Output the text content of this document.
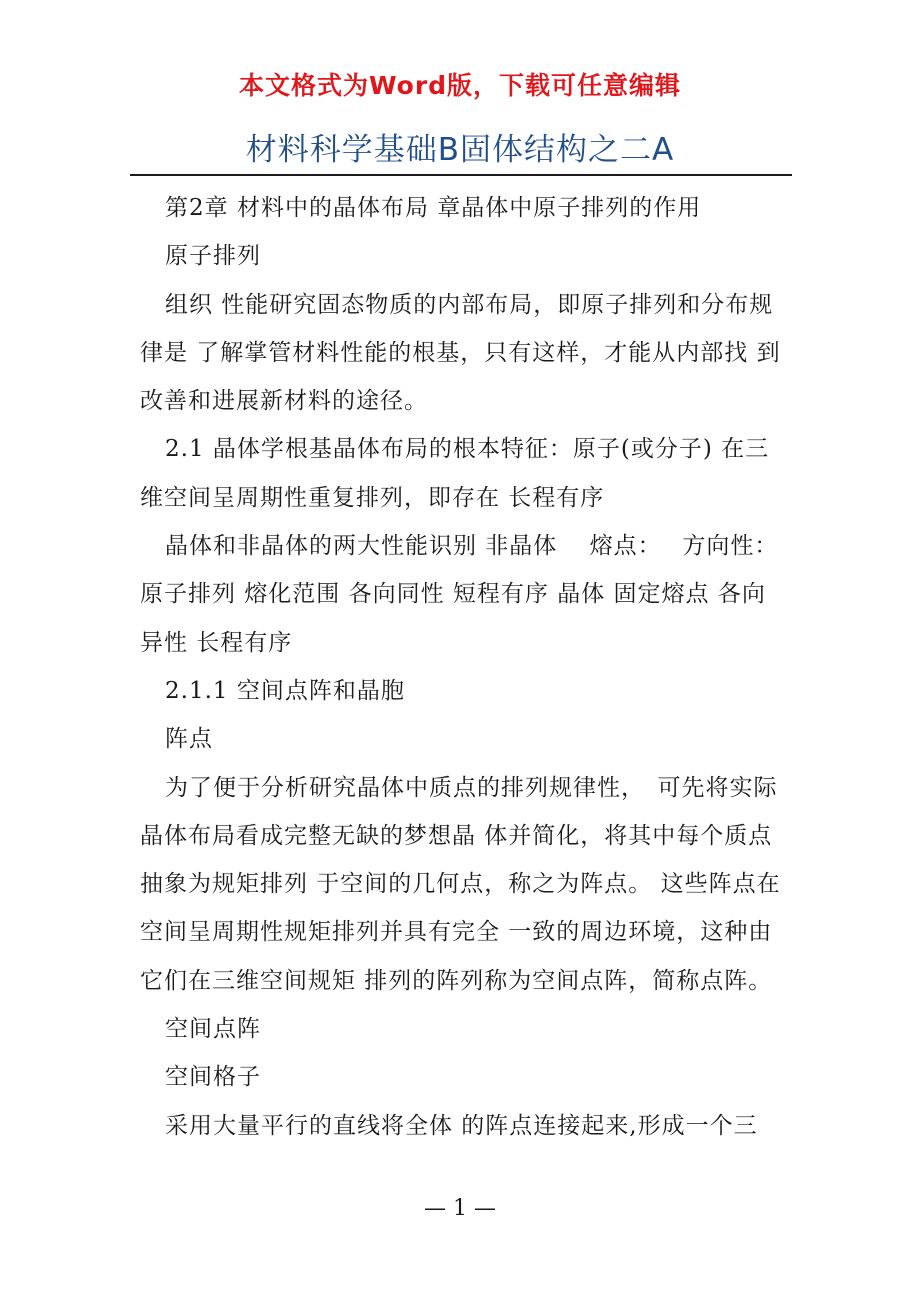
本文格式为Word版，下载可任意编辑
材料科学基础B固体结构之二A

第2章 材料中的晶体布局 章晶体中原子排列的作用

原子排列

组织 性能研究固态物质的内部布局，即原子排列和分布规律是 了解掌管材料性能的根基，只有这样，才能从内部找 到改善和进展新材料的途径。

2.1 晶体学根基晶体布局的根本特征：原子(或分子) 在三维空间呈周期性重复排列，即存在 长程有序

晶体和非晶体的两大性能识别 非晶体　 熔点：　 方向性：　原子排列 熔化范围 各向同性 短程有序 晶体 固定熔点 各向异性 长程有序

2.1.1 空间点阵和晶胞

阵点

为了便于分析研究晶体中质点的排列规律性，　可先将实际晶体布局看成完整无缺的梦想晶 体并简化，将其中每个质点抽象为规矩排列 于空间的几何点，称之为阵点。 这些阵点在空间呈周期性规矩排列并具有完全 一致的周边环境，这种由它们在三维空间规矩 排列的阵列称为空间点阵，简称点阵。

空间点阵

空间格子

采用大量平行的直线将全体 的阵点连接起来,形成一个三

— 1 —
